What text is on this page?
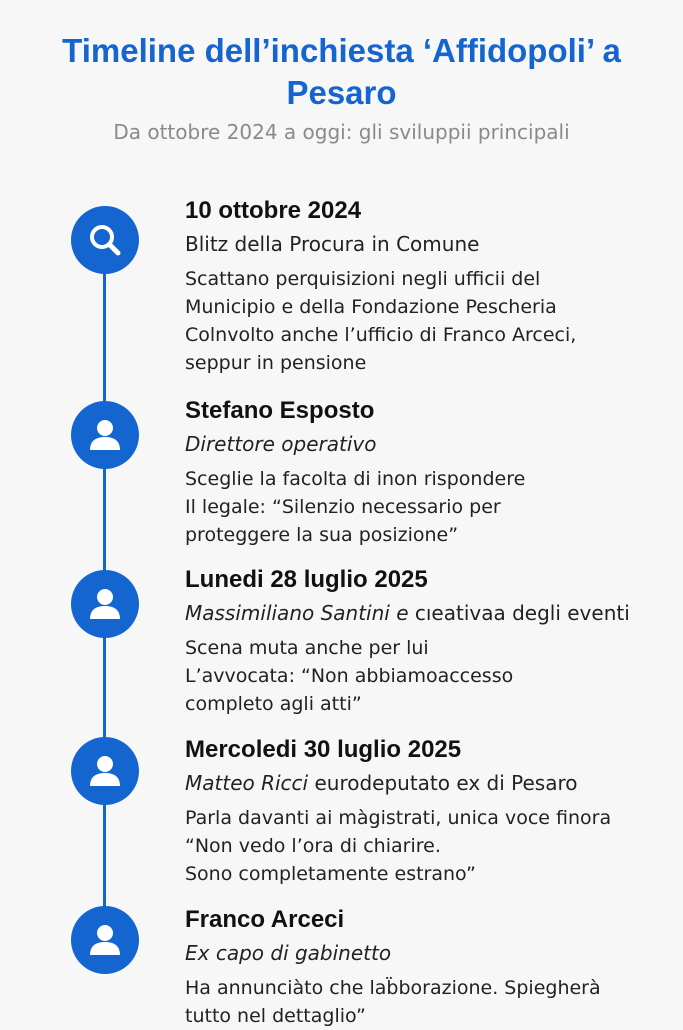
Timeline dell’inchiesta ‘Affidopoli’ a Pesaro
Da ottobre 2024 a oggi: gli sviluppii principali
10 ottobre 2024
Blitz della Procura in Comune
Scattano perquisizioni negli ufficii del
Municipio e della Fondazione Pescheria
Colnvolto anche l’ufficio di Franco Arceci,
seppur in pensione
Stefano Esposto
Direttore operativo
Sceglie la facolta di inon rispondere
Il legale: “Silenzio necessario per
proteggere la sua posizione”
Lunedi 28 luglio 2025
Massimiliano Santini e cıeativaa degli eventi
Scena muta anche per lui
L’avvocata: “Non abbiamoaccesso
completo agli atti”
Mercoledi 30 luglio 2025
Matteo Ricci eurodeputato ex di Pesaro
Parla davanti ai màgistrati, unica voce finora
“Non vedo l’ora di chiarire.
Sono completamente estrano”
Franco Arceci
Ex capo di gabinetto
Ha annunciàto che lab̈borazione. Spiegherà
tutto nel dettaglio”
